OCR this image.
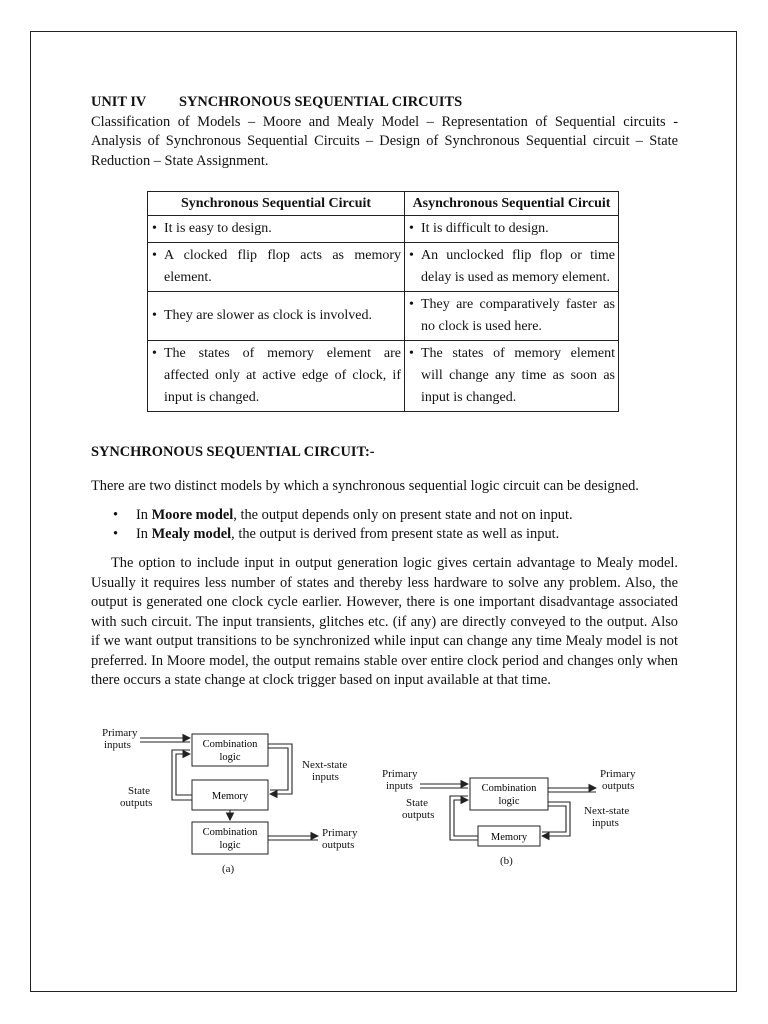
UNIT IV SYNCHRONOUS SEQUENTIAL CIRCUITS

Classification of Models – Moore and Mealy Model – Representation of Sequential circuits - Analysis of Synchronous Sequential Circuits – Design of Synchronous Sequential circuit – State Reduction – State Assignment.

Synchronous Sequential Circuit	Asynchronous Sequential Circuit
• It is easy to design.	• It is difficult to design.
• A clocked flip flop acts as memory element.	• An unclocked flip flop or time delay is used as memory element.
• They are slower as clock is involved.	• They are comparatively faster as no clock is used here.
• The states of memory element are affected only at active edge of clock, if input is changed.	• The states of memory element will change any time as soon as input is changed.

SYNCHRONOUS SEQUENTIAL CIRCUIT:-

There are two distinct models by which a synchronous sequential logic circuit can be designed.

• In Moore model, the output depends only on present state and not on input.
• In Mealy model, the output is derived from present state as well as input.

The option to include input in output generation logic gives certain advantage to Mealy model. Usually it requires less number of states and thereby less hardware to solve any problem. Also, the output is generated one clock cycle earlier. However, there is one important disadvantage associated with such circuit. The input transients, glitches etc. (if any) are directly conveyed to the output. Also if we want output transitions to be synchronized while input can change any time Mealy model is not preferred. In Moore model, the output remains stable over entire clock period and changes only when there occurs a state change at clock trigger based on input available at that time.

Primary
inputs
Next-state
inputs
State
outputs
Primary
outputs
(a)
Combination
logic
Memory
Combination
logic
Primary
inputs
Primary
outputs
State
outputs	Next-state
inputs
(b)
Combination
logic
Memory
